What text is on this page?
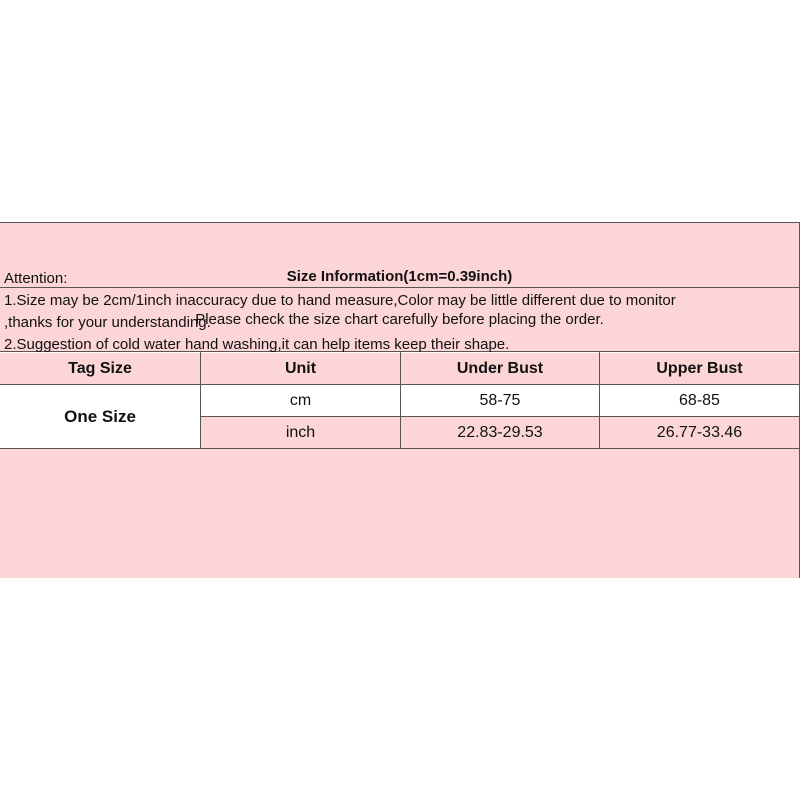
Size Information(1cm=0.39inch)
Please check the size chart carefully before placing the order.
Tag Size	Unit	Under Bust	Upper Bust
One Size
cm	58-75	68-85
inch	22.83-29.53	26.77-33.46
Attention:
1.Size may be 2cm/1inch inaccuracy due to hand measure,Color may be little different due to monitor
,thanks for your understanding.
2.Suggestion of cold water hand washing,it can help items keep their shape.
